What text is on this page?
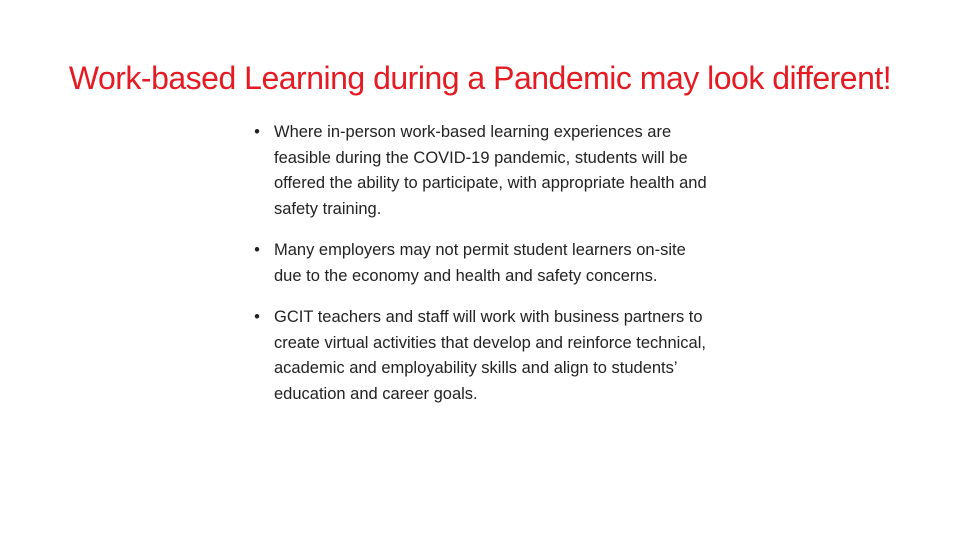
Work-based Learning during a Pandemic may look different!
• Where in-person work-based learning experiences are feasible during the COVID-19 pandemic, students will be offered the ability to participate, with appropriate health and safety training.
• Many employers may not permit student learners on-site due to the economy and health and safety concerns.
• GCIT teachers and staff will work with business partners to create virtual activities that develop and reinforce technical, academic and employability skills and align to students’ education and career goals.
